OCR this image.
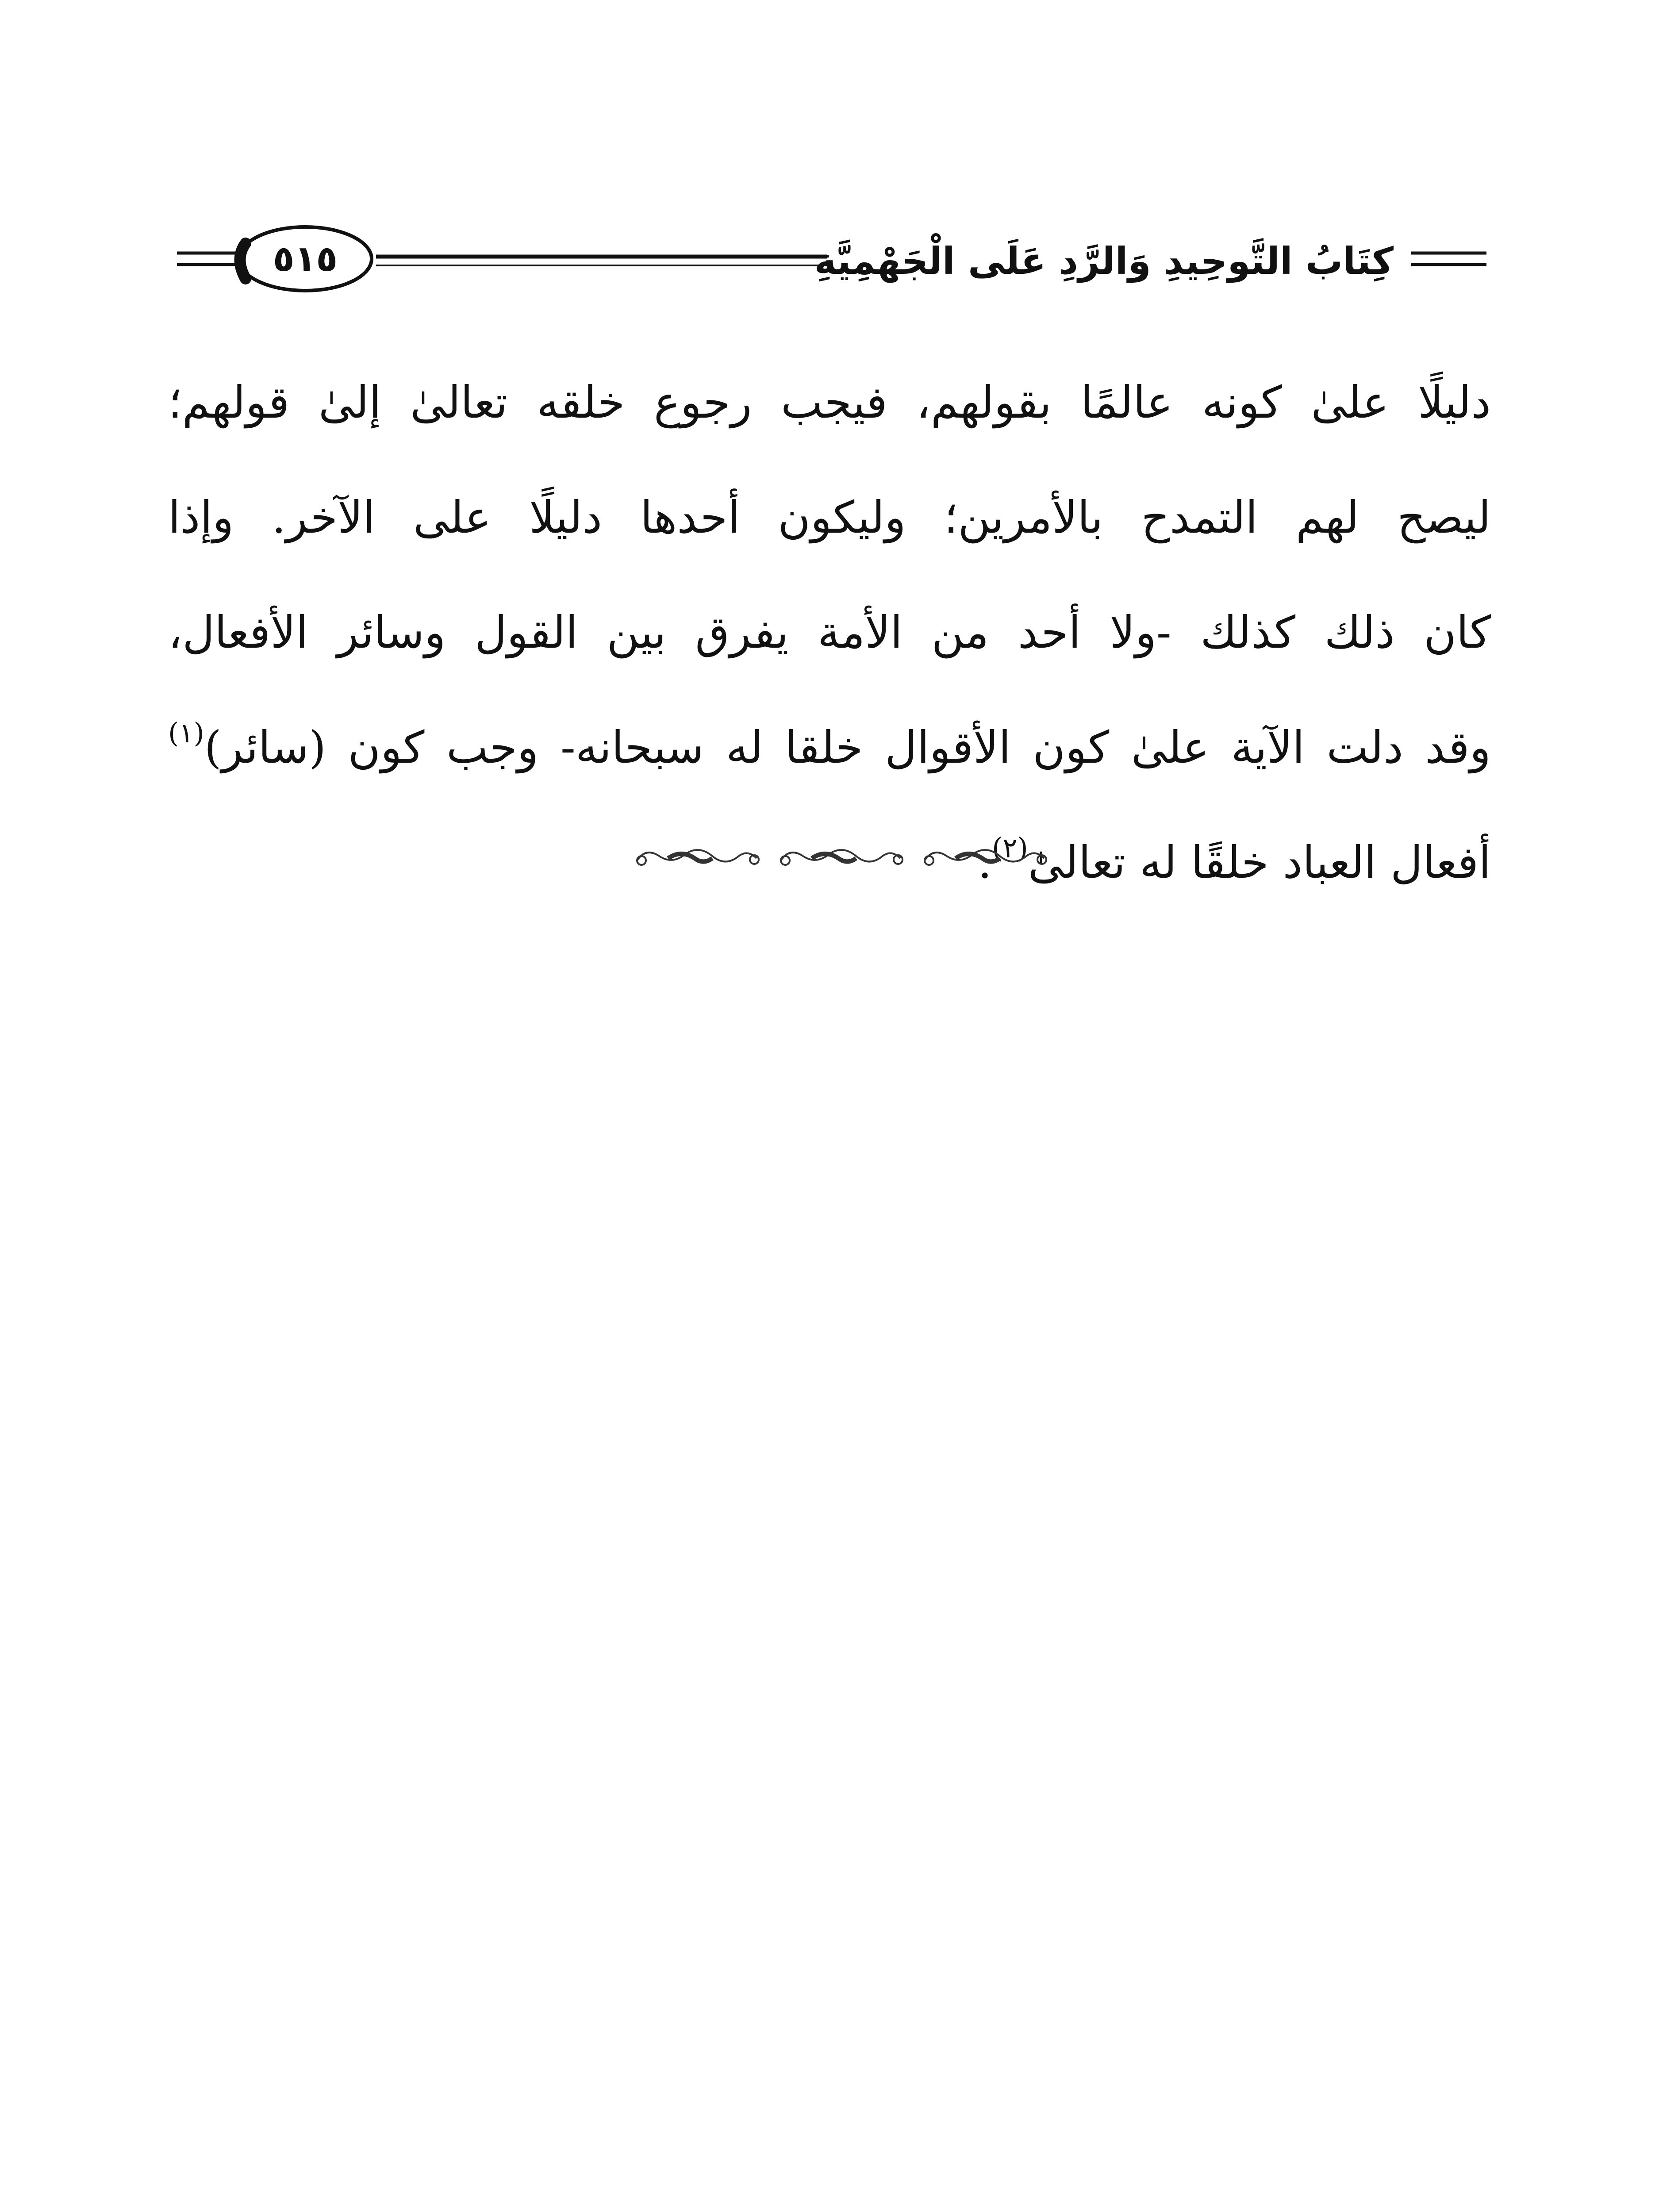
كِتَابُ التَّوحِيدِ وَالرَّدِ عَلَى الْجَهْمِيَّةِ
٥١٥
دليلًا علىٰ كونه عالمًا بقولهم، فيجب رجوع خلقه تعالىٰ إلىٰ قولهم؛
ليصح لهم التمدح بالأمرين؛ وليكون أحدها دليلًا على الآخر. وإذا
كان ذلك كذلك -ولا أحد من الأمة يفرق بين القول وسائر الأفعال،
وقد دلت الآية علىٰ كون الأقوال خلقا له سبحانه- وجب كون (سائر)$^{(١)}$
أفعال العباد خلقًا له تعالىٰ$^{(٢)}$.
